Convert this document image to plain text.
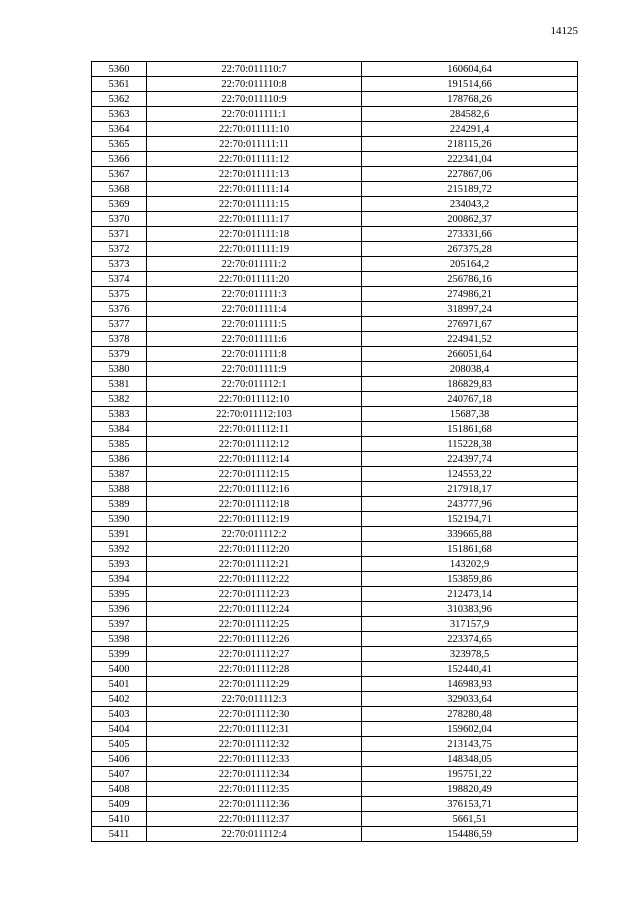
14125
5360	22:70:011110:7	160604,64
5361	22:70:011110:8	191514,66
5362	22:70:011110:9	178768,26
5363	22:70:011111:1	284582,6
5364	22:70:011111:10	224291,4
5365	22:70:011111:11	218115,26
5366	22:70:011111:12	222341,04
5367	22:70:011111:13	227867,06
5368	22:70:011111:14	215189,72
5369	22:70:011111:15	234043,2
5370	22:70:011111:17	200862,37
5371	22:70:011111:18	273331,66
5372	22:70:011111:19	267375,28
5373	22:70:011111:2	205164,2
5374	22:70:011111:20	256786,16
5375	22:70:011111:3	274986,21
5376	22:70:011111:4	318997,24
5377	22:70:011111:5	276971,67
5378	22:70:011111:6	224941,52
5379	22:70:011111:8	266051,64
5380	22:70:011111:9	208038,4
5381	22:70:011112:1	186829,83
5382	22:70:011112:10	240767,18
5383	22:70:011112:103	15687,38
5384	22:70:011112:11	151861,68
5385	22:70:011112:12	115228,38
5386	22:70:011112:14	224397,74
5387	22:70:011112:15	124553,22
5388	22:70:011112:16	217918,17
5389	22:70:011112:18	243777,96
5390	22:70:011112:19	152194,71
5391	22:70:011112:2	339665,88
5392	22:70:011112:20	151861,68
5393	22:70:011112:21	143202,9
5394	22:70:011112:22	153859,86
5395	22:70:011112:23	212473,14
5396	22:70:011112:24	310383,96
5397	22:70:011112:25	317157,9
5398	22:70:011112:26	223374,65
5399	22:70:011112:27	323978,5
5400	22:70:011112:28	152440,41
5401	22:70:011112:29	146983,93
5402	22:70:011112:3	329033,64
5403	22:70:011112:30	278280,48
5404	22:70:011112:31	159602,04
5405	22:70:011112:32	213143,75
5406	22:70:011112:33	148348,05
5407	22:70:011112:34	195751,22
5408	22:70:011112:35	198820,49
5409	22:70:011112:36	376153,71
5410	22:70:011112:37	5661,51
5411	22:70:011112:4	154486,59
